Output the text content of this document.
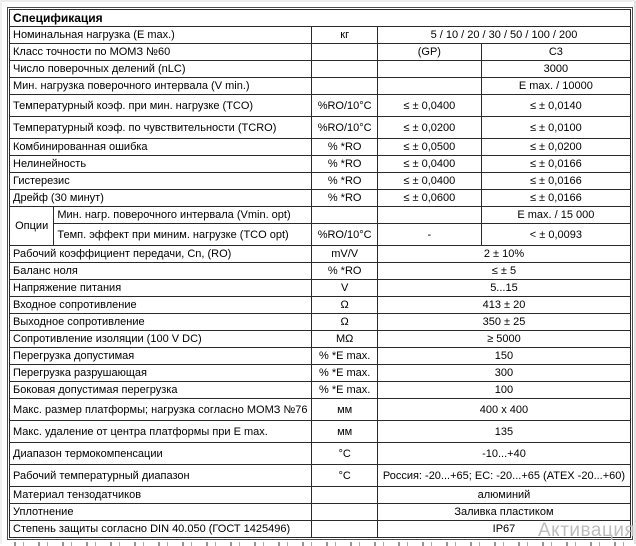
Спецификация				
Номинальная нагрузка (E max.)		кг	5 / 10 / 20 / 30 / 50 / 100 / 200	
Класс точности по МОМЗ №60			(GP)	C3
Число поверочных делений (nLC)				3000
Мин. нагрузка поверочного интервала (V min.)				E max. / 10000
Температурный коэф. при мин. нагрузке (TCO)		%RO/10°C	≤ ± 0,0400	≤ ± 0,0140
Температурный коэф. по чувствительности (TCRO)		%RO/10°C	≤ ± 0,0200	≤ ± 0,0100
Комбинированная ошибка		% *RO	≤ ± 0,0500	≤ ± 0,0200
Нелинейность		% *RO	≤ ± 0,0400	≤ ± 0,0166
Гистерезис		% *RO	≤ ± 0,0400	≤ ± 0,0166
Дрейф (30 минут)		% *RO	≤ ± 0,0600	≤ ± 0,0166
Опции	Мин. нагр. поверочного интервала (Vmin. opt)			E max. / 15 000
	Темп. эффект при миним. нагрузке (TCO opt)	%RO/10°C	-	< ± 0,0093
Рабочий коэффициент передачи, Cn, (RO)		mV/V	2 ± 10%	
Баланс ноля		% *RO	≤ ± 5	
Напряжение питания		V	5...15	
Входное сопротивление		Ω	413 ± 20	
Выходное сопротивление		Ω	350 ± 25	
Сопротивление изоляции (100 V DC)		МΩ	≥ 5000	
Перегрузка допустимая		% *E max.	150	
Перегрузка разрушающая		% *E max.	300	
Боковая допустимая перегрузка		% *E max.	100	
Макс. размер платформы; нагрузка согласно МОМЗ №76		мм	400 x 400	
Макс. удаление от центра платформы при E max.		мм	135	
Диапазон термокомпенсации		°C	-10...+40	
Рабочий температурный диапазон		°C	Россия: -20...+65; EC: -20...+65 (ATEX -20...+60)	
Материал тензодатчиков			алюминий	
Уплотнение			Заливка пластиком	
Степень защиты согласно DIN 40.050 (ГОСТ 1425496)			IP67	Активация
